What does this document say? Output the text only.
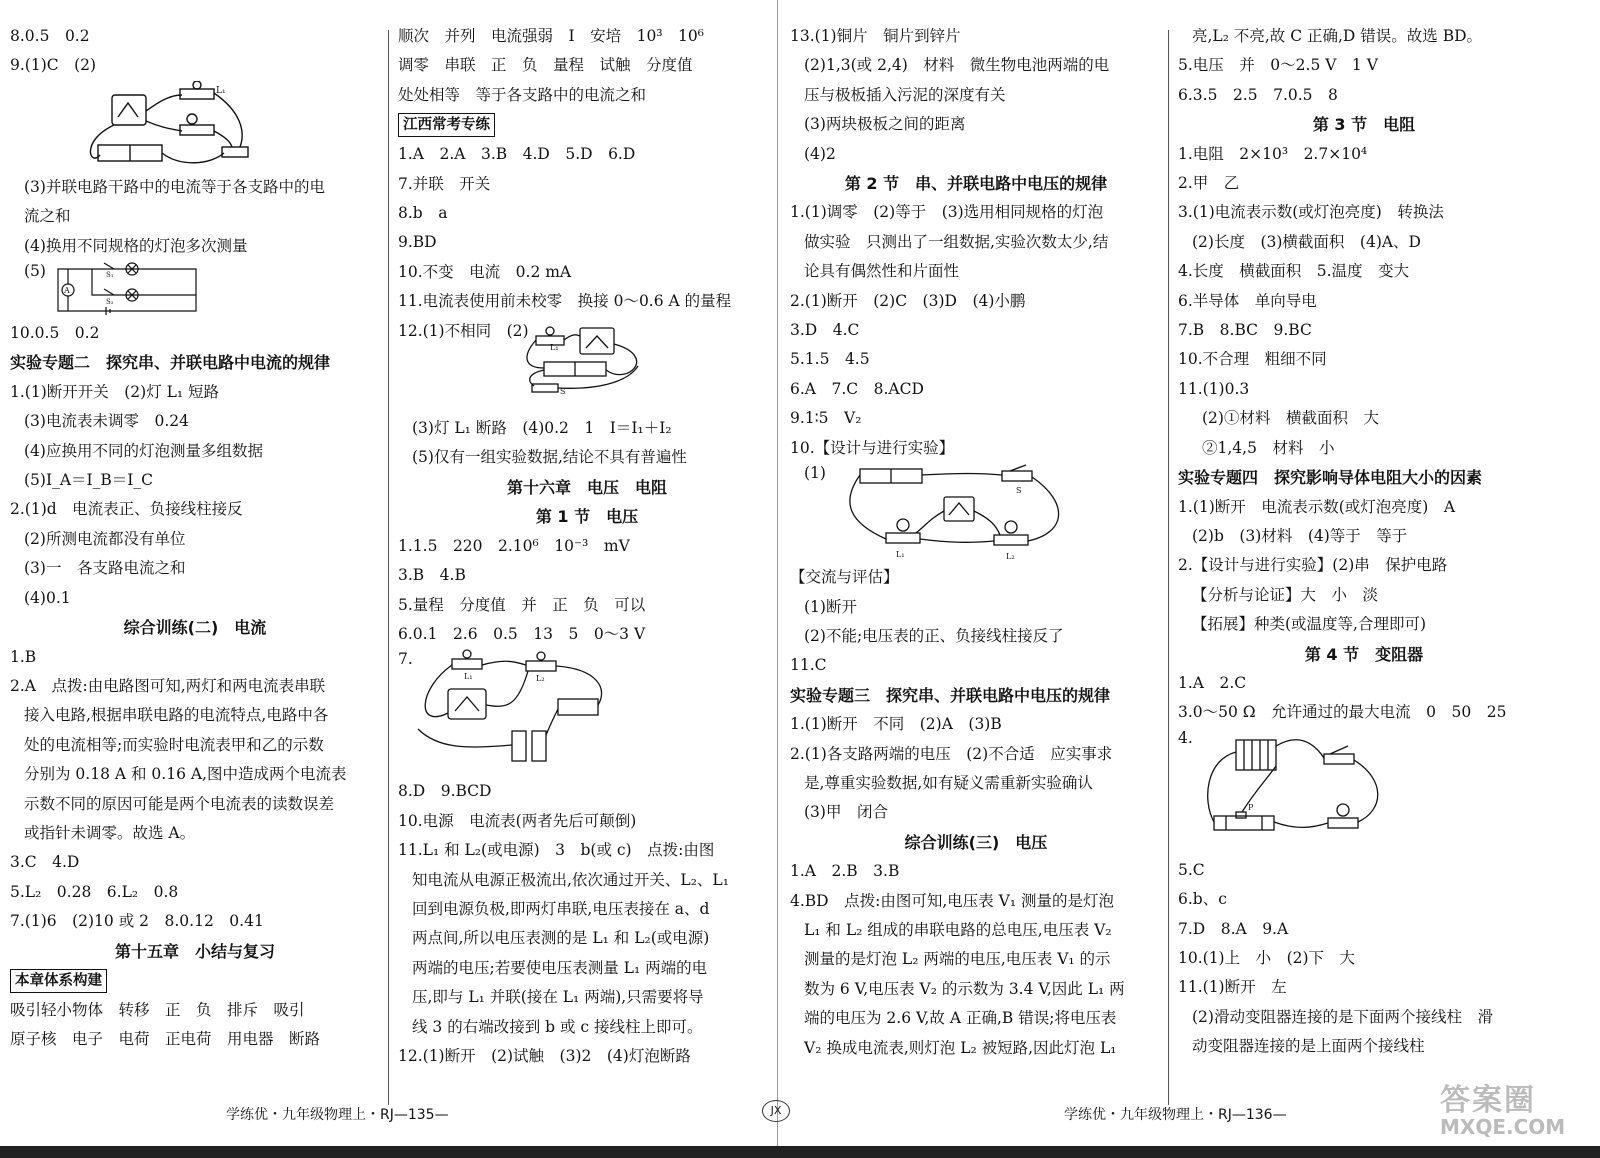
8.0.5　0.2
9.(1)C　(2)
L₁
(3)并联电路干路中的电流等于各支路中的电
流之和
(4)换用不同规格的灯泡多次测量
(5)
A
S₁
S₂
10.0.5　0.2
实验专题二　探究串、并联电路中电流的规律
1.(1)断开开关　(2)灯 L₁ 短路
(3)电流表未调零　0.24
(4)应换用不同的灯泡测量多组数据
(5)I_A＝I_B＝I_C
2.(1)d　电流表正、负接线柱接反
(2)所测电流都没有单位
(3)一　各支路电流之和
(4)0.1
综合训练(二)　电流
1.B
2.A　点拨:由电路图可知,两灯和两电流表串联
接入电路,根据串联电路的电流特点,电路中各
处的电流相等;而实验时电流表甲和乙的示数
分别为 0.18 A 和 0.16 A,图中造成两个电流表
示数不同的原因可能是两个电流表的读数误差
或指针未调零。故选 A。
3.C　4.D
5.L₂　0.28　6.L₂　0.8
7.(1)6　(2)10 或 2　8.0.12　0.41
第十五章　小结与复习
本章体系构建
吸引轻小物体　转移　正　负　排斥　吸引
原子核　电子　电荷　正电荷　用电器　断路
顺次　并列　电流强弱　I　安培　10³　10⁶
调零　串联　正　负　量程　试触　分度值
处处相等　等于各支路中的电流之和
江西常考专练
1.A　2.A　3.B　4.D　5.D　6.D
7.并联　开关
8.b　a
9.BD
10.不变　电流　0.2 mA
11.电流表使用前未校零　换接 0～0.6 A 的量程
12.(1)不相同　(2)
L₁
S
(3)灯 L₁ 断路　(4)0.2　1　I＝I₁＋I₂
(5)仅有一组实验数据,结论不具有普遍性
第十六章　电压　电阻
第 1 节　电压
1.1.5　220　2.10⁶　10⁻³　mV
3.B　4.B
5.量程　分度值　并　正　负　可以
6.0.1　2.6　0.5　13　5　0～3 V
7.
L₁	L₂
8.D　9.BCD
10.电源　电流表(两者先后可颠倒)
11.L₁ 和 L₂(或电源)　3　b(或 c)　点拨:由图
知电流从电源正极流出,依次通过开关、L₂、L₁
回到电源负极,即两灯串联,电压表接在 a、d
两点间,所以电压表测的是 L₁ 和 L₂(或电源)
两端的电压;若要使电压表测量 L₁ 两端的电
压,即与 L₁ 并联(接在 L₁ 两端),只需要将导
线 3 的右端改接到 b 或 c 接线柱上即可。
12.(1)断开　(2)试触　(3)2　(4)灯泡断路
13.(1)铜片　铜片到锌片
(2)1,3(或 2,4)　材料　微生物电池两端的电
压与极板插入污泥的深度有关
(3)两块极板之间的距离
(4)2
第 2 节　串、并联电路中电压的规律
1.(1)调零　(2)等于　(3)选用相同规格的灯泡
做实验　只测出了一组数据,实验次数太少,结
论具有偶然性和片面性
2.(1)断开　(2)C　(3)D　(4)小鹏
3.D　4.C
5.1.5　4.5
6.A　7.C　8.ACD
9.1∶5　V₂
10.【设计与进行实验】
(1)
L₁	L₂
S
【交流与评估】
(1)断开
(2)不能;电压表的正、负接线柱接反了
11.C
实验专题三　探究串、并联电路中电压的规律
1.(1)断开　不同　(2)A　(3)B
2.(1)各支路两端的电压　(2)不合适　应实事求
是,尊重实验数据,如有疑义需重新实验确认
(3)甲　闭合
综合训练(三)　电压
1.A　2.B　3.B
4.BD　点拨:由图可知,电压表 V₁ 测量的是灯泡
L₁ 和 L₂ 组成的串联电路的总电压,电压表 V₂
测量的是灯泡 L₂ 两端的电压,电压表 V₁ 的示
数为 6 V,电压表 V₂ 的示数为 3.4 V,因此 L₁ 两
端的电压为 2.6 V,故 A 正确,B 错误;将电压表
V₂ 换成电流表,则灯泡 L₂ 被短路,因此灯泡 L₁
亮,L₂ 不亮,故 C 正确,D 错误。故选 BD。
5.电压　并　0～2.5 V　1 V
6.3.5　2.5　7.0.5　8
第 3 节　电阻
1.电阻　2×10³　2.7×10⁴
2.甲　乙
3.(1)电流表示数(或灯泡亮度)　转换法
(2)长度　(3)横截面积　(4)A、D
4.长度　横截面积　5.温度　变大
6.半导体　单向导电
7.B　8.BC　9.BC
10.不合理　粗细不同
11.(1)0.3
(2)①材料　横截面积　大
②1,4,5　材料　小
实验专题四　探究影响导体电阻大小的因素
1.(1)断开　电流表示数(或灯泡亮度)　A
(2)b　(3)材料　(4)等于　等于
2.【设计与进行实验】(2)串　保护电路
【分析与论证】大　小　淡
【拓展】种类(或温度等,合理即可)
第 4 节　变阻器
1.A　2.C
3.0～50 Ω　允许通过的最大电流　0　50　25
4.
P
5.C
6.b、c
7.D　8.A　9.A
10.(1)上　小　(2)下　大
11.(1)断开　左
(2)滑动变阻器连接的是下面两个接线柱　滑
动变阻器连接的是上面两个接线柱
学练优・九年级物理上・RJ—135—	JX	学练优・九年级物理上・RJ—136—	答案圈
MXQE.COM
